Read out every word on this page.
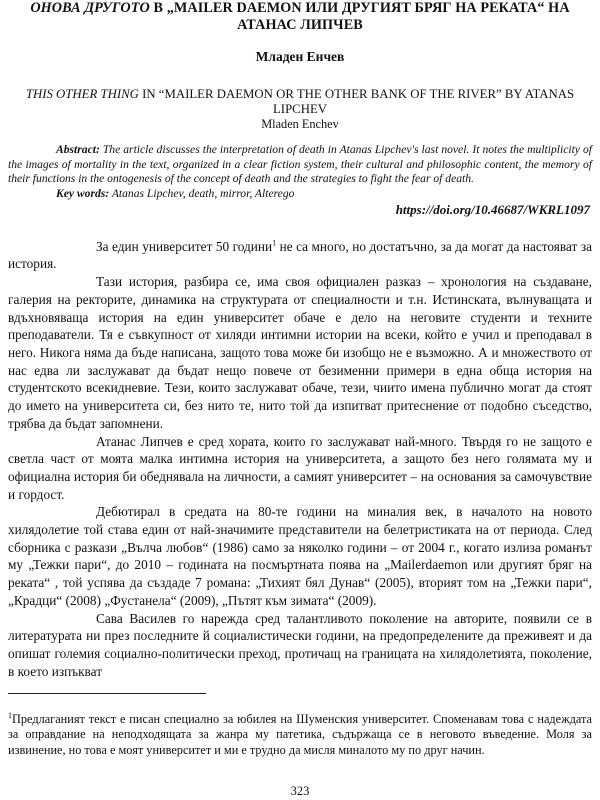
ОНОВА ДРУГОТО В „MAILER DAEMON ИЛИ ДРУГИЯТ БРЯГ НА РЕКАТА“ НА АТАНАС ЛИПЧЕВ
Младен Енчев
THIS OTHER THING IN “MAILER DAEMON OR THE OTHER BANK OF THE RIVER” BY ATANAS LIPCHEV
Mladen Enchev
Abstract: The article discusses the interpretation of death in Atanas Lipchev's last novel. It notes the multiplicity of the images of mortality in the text, organized in a clear fiction system, their cultural and philosophic content, the memory of their functions in the ontogenesis of the concept of death and the strategies to fight the fear of death.
Key words: Atanas Lipchev, death, mirror, Alterego
https://doi.org/10.46687/WKRL1097

За един университет 50 години$^1$ не са много, но достатъчно, за да могат да настояват за история.

Тази история, разбира се, има своя официален разказ – хронология на създаване, галерия на ректорите, динамика на структурата от специалности и т.н. Истинската, вълнуващата и вдъхновяваща история на един университет обаче е дело на неговите студенти и техните преподаватели. Тя е съвкупност от хиляди интимни истории на всеки, който е учил и преподавал в него. Никога няма да бъде написана, защото това може би изобщо не е възможно. А и множеството от нас едва ли заслужават да бъдат нещо повече от безименни примери в една обща история на студентското всекидневие. Тези, които заслужават обаче, тези, чиито имена публично могат да стоят до името на университета си, без нито те, нито той да изпитват притеснение от подобно съседство, трябва да бъдат запомнени.

Атанас Липчев е сред хората, които го заслужават най-много. Твърдя го не защото е светла част от моята малка интимна история на университета, а защото без него голямата му и официална история би обеднявала на личности, а самият университет – на основания за самочувствие и гордост.

Дебютирал в средата на 80-те години на миналия век, в началото на новото хилядолетие той става един от най-значимите представители на белетристиката на от периода. След сборника с разкази „Вълча любов“ (1986) само за няколко години – от 2004 г., когато излиза романът му „Тежки пари“, до 2010 – годината на посмъртната поява на „Mailerdaemon или другият бряг на реката“ , той успява да създаде 7 романа: „Тихият бял Дунав“ (2005), вторият том на „Тежки пари“, „Крадци“ (2008) „Фустанела“ (2009), „Пътят към зимата“ (2009).

Сава Василев го нарежда сред талантливото поколение на авторите, появили се в литературата ни през последните й социалистически години, на предопределените да преживеят и да опишат големия социално-политически преход, протичащ на границата на хилядолетията, поколение, в което изпъкват

$^1$Предлаганият текст е писан специално за юбилея на Шуменския университет. Споменавам това с надеждата за оправдание на неподходящата за жанра му патетика, съдържаща се в неговото въведение. Моля за извинение, но това е моят университет и ми е трудно да мисля миналото му по друг начин.
323
